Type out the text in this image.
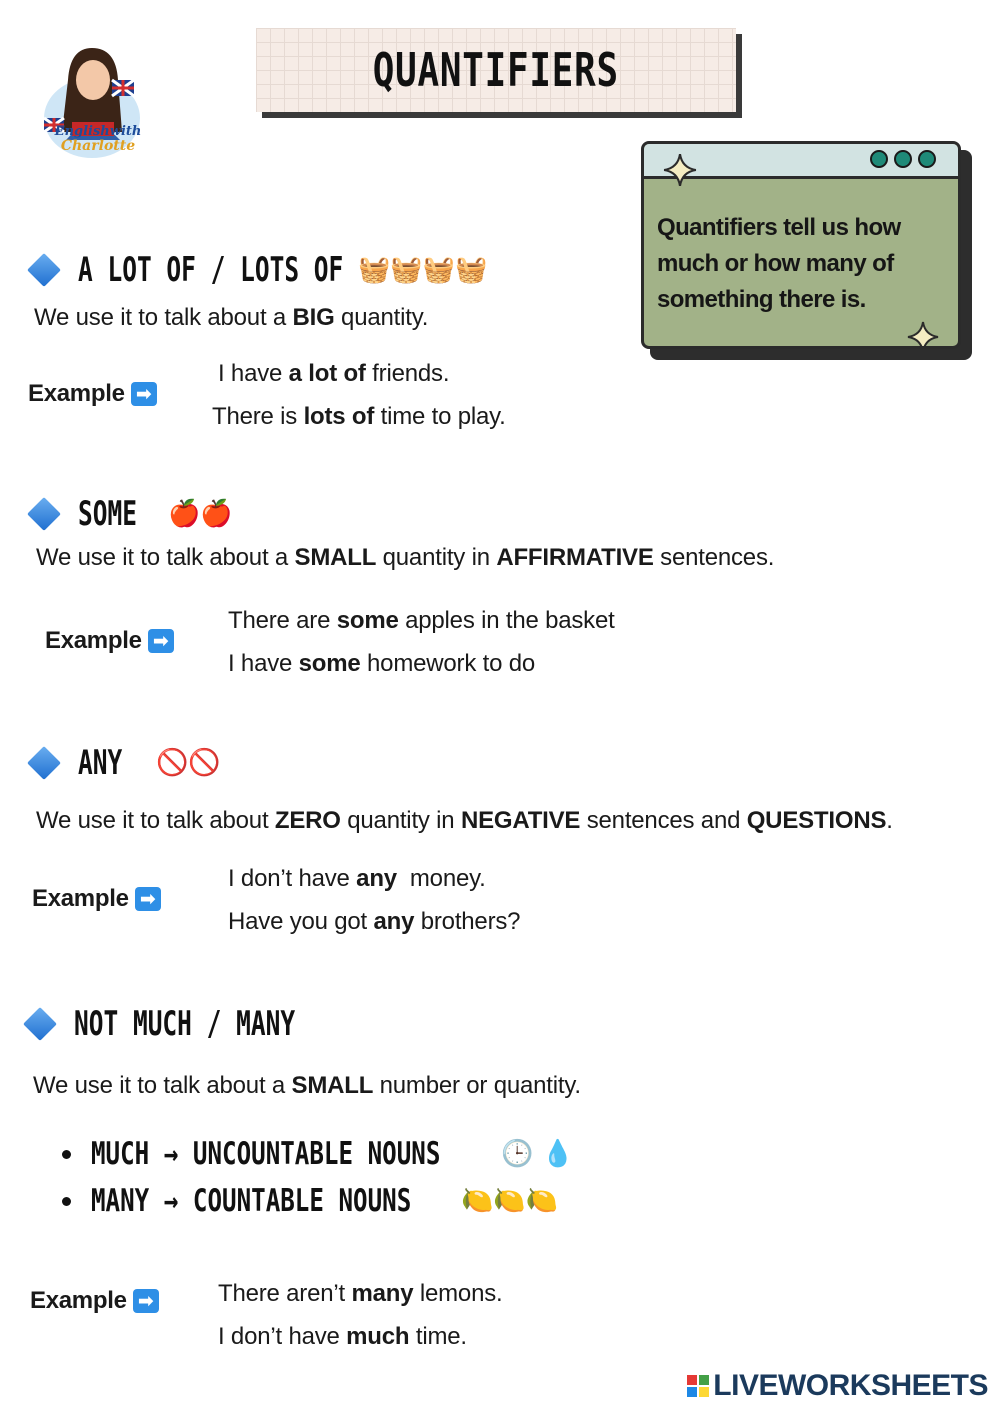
Englishwith
Charlotte
QUANTIFIERS
Quantifiers tell us how much or how many of something there is.
A LOT OF / LOTS OF 🧺🧺🧺🧺
We use it to talk about a BIG quantity.
Example ➡
I have a lot of friends.
There is lots of time to play.
SOME 🍎🍎
We use it to talk about a SMALL quantity in AFFIRMATIVE sentences.
Example ➡
There are some apples in the basket
I have some homework to do
ANY 🚫🚫
We use it to talk about ZERO quantity in NEGATIVE sentences and QUESTIONS.
Example ➡
I don’t have any  money.
Have you got any brothers?
NOT MUCH / MANY
We use it to talk about a SMALL number or quantity.
MUCH → UNCOUNTABLE NOUNS 🕒 💧
MANY → COUNTABLE NOUNS 🍋🍋🍋
Example ➡	There aren’t many lemons.
I don’t have much time.
LIVEWORKSHEETS
